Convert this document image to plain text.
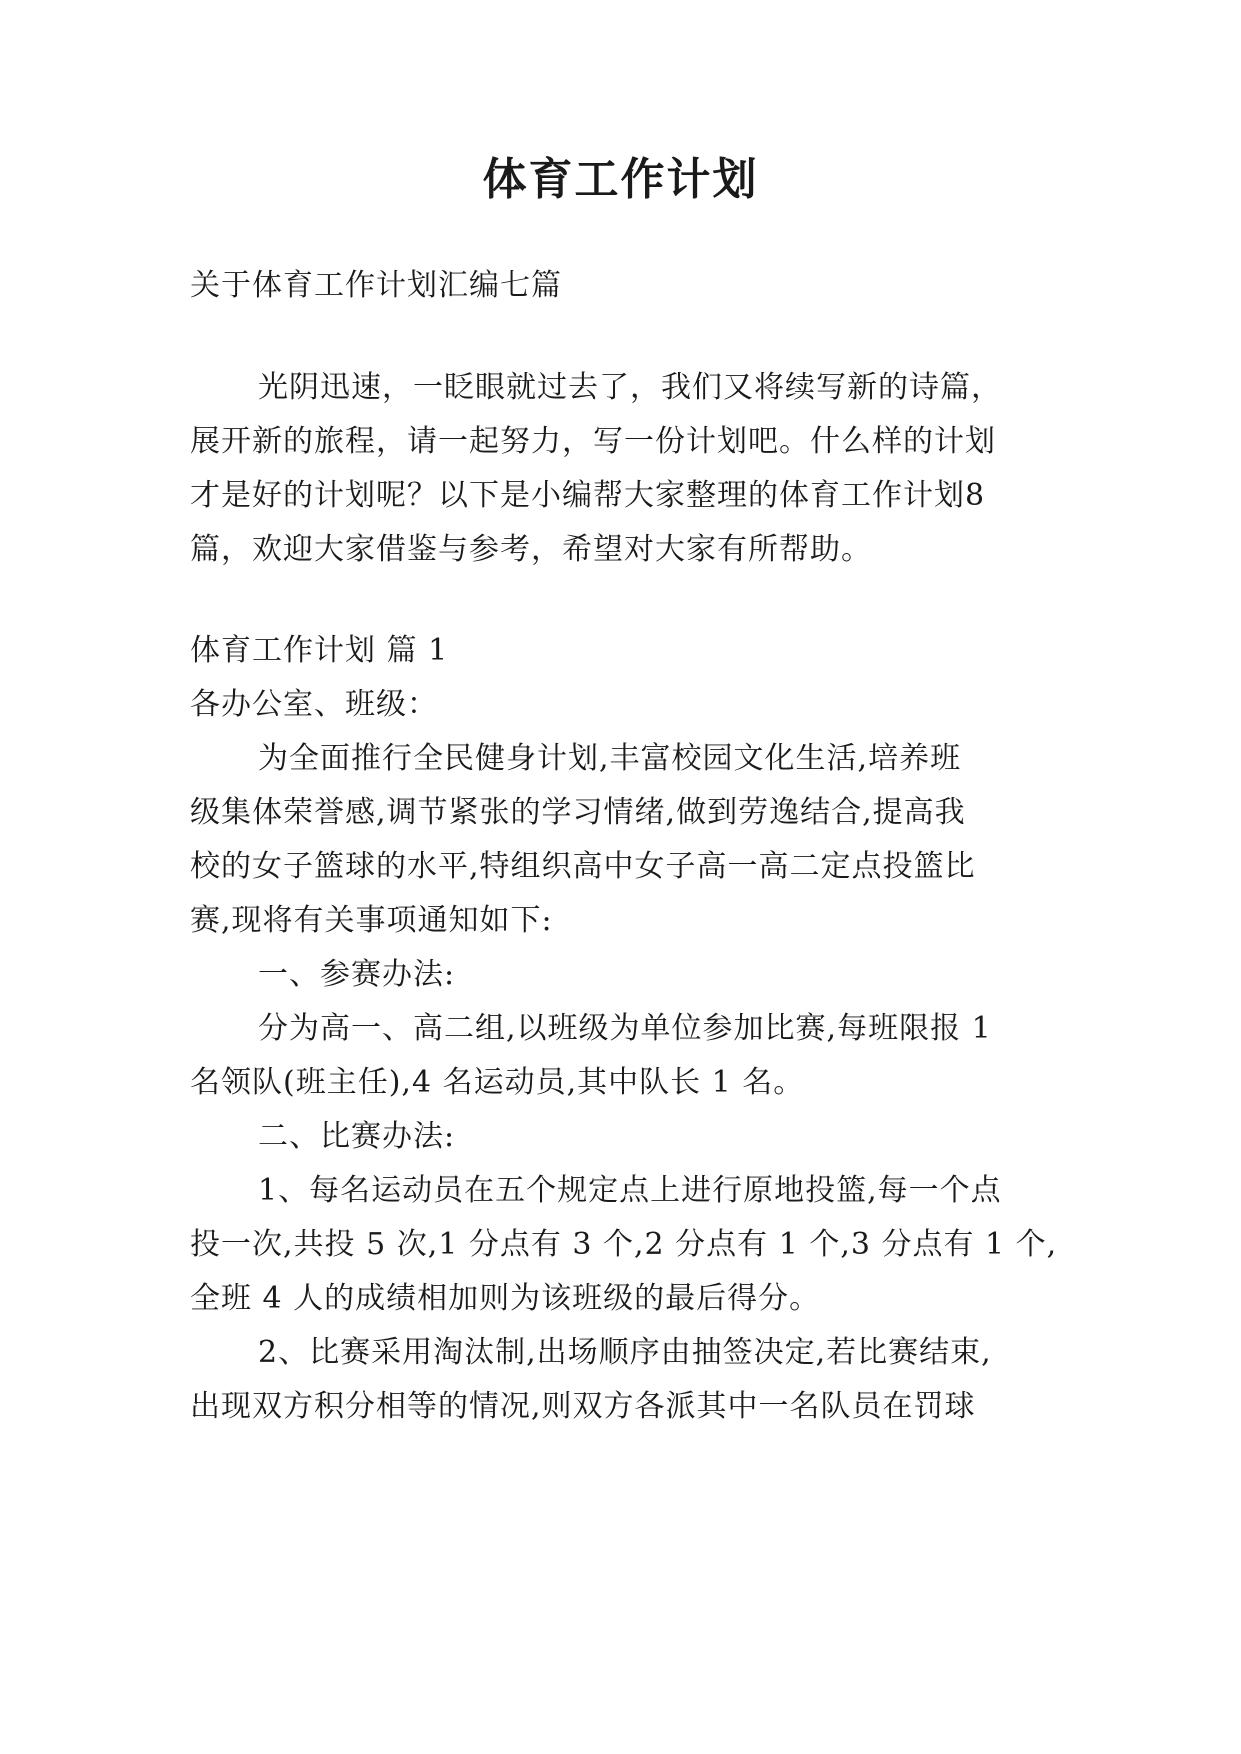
体育工作计划
关于体育工作计划汇编七篇
光阴迅速，一眨眼就过去了，我们又将续写新的诗篇，
展开新的旅程，请一起努力，写一份计划吧。什么样的计划
才是好的计划呢？以下是小编帮大家整理的体育工作计划8
篇，欢迎大家借鉴与参考，希望对大家有所帮助。
体育工作计划 篇 1
各办公室、班级：
为全面推行全民健身计划,丰富校园文化生活,培养班
级集体荣誉感,调节紧张的学习情绪,做到劳逸结合,提高我
校的女子篮球的水平,特组织高中女子高一高二定点投篮比
赛,现将有关事项通知如下:
一、参赛办法:
分为高一、高二组,以班级为单位参加比赛,每班限报 1
名领队(班主任),4 名运动员,其中队长 1 名。
二、比赛办法:
1、每名运动员在五个规定点上进行原地投篮,每一个点
投一次,共投 5 次,1 分点有 3 个,2 分点有 1 个,3 分点有 1 个,
全班 4 人的成绩相加则为该班级的最后得分。
2、比赛采用淘汰制,出场顺序由抽签决定,若比赛结束,
出现双方积分相等的情况,则双方各派其中一名队员在罚球
